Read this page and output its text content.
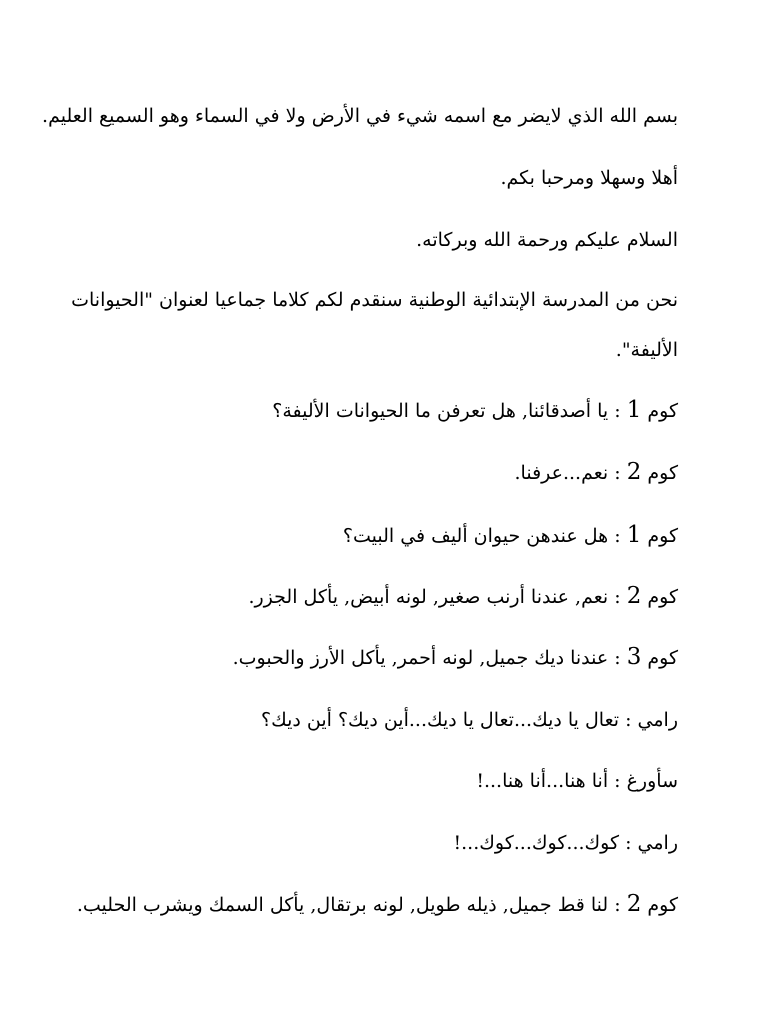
بسم الله الذي لايضر مع اسمه شيء في الأرض ولا في السماء وهو السميع العليم.
أهلا وسهلا ومرحبا بكم.
السلام عليكم ورحمة الله وبركاته.
نحن من المدرسة الإبتدائية الوطنية سنقدم لكم كلاما جماعيا لعنوان "الحيوانات
الأليفة".
كوم 1 : يا أصدقائنا, هل تعرفن ما الحيوانات الأليفة؟
كوم 2 : نعم...عرفنا.
كوم 1 : هل عندهن حيوان أليف في البيت؟
كوم 2 : نعم, عندنا أرنب صغير, لونه أبيض, يأكل الجزر.
كوم 3 : عندنا ديك جميل, لونه أحمر, يأكل الأرز والحبوب.
رامي : تعال يا ديك...تعال يا ديك...أين ديك؟ أين ديك؟
سأورغ : أنا هنا...أنا هنا...!
رامي : كوك...كوك...كوك...!
كوم 2 : لنا قط جميل, ذيله طويل, لونه برتقال, يأكل السمك ويشرب الحليب.
